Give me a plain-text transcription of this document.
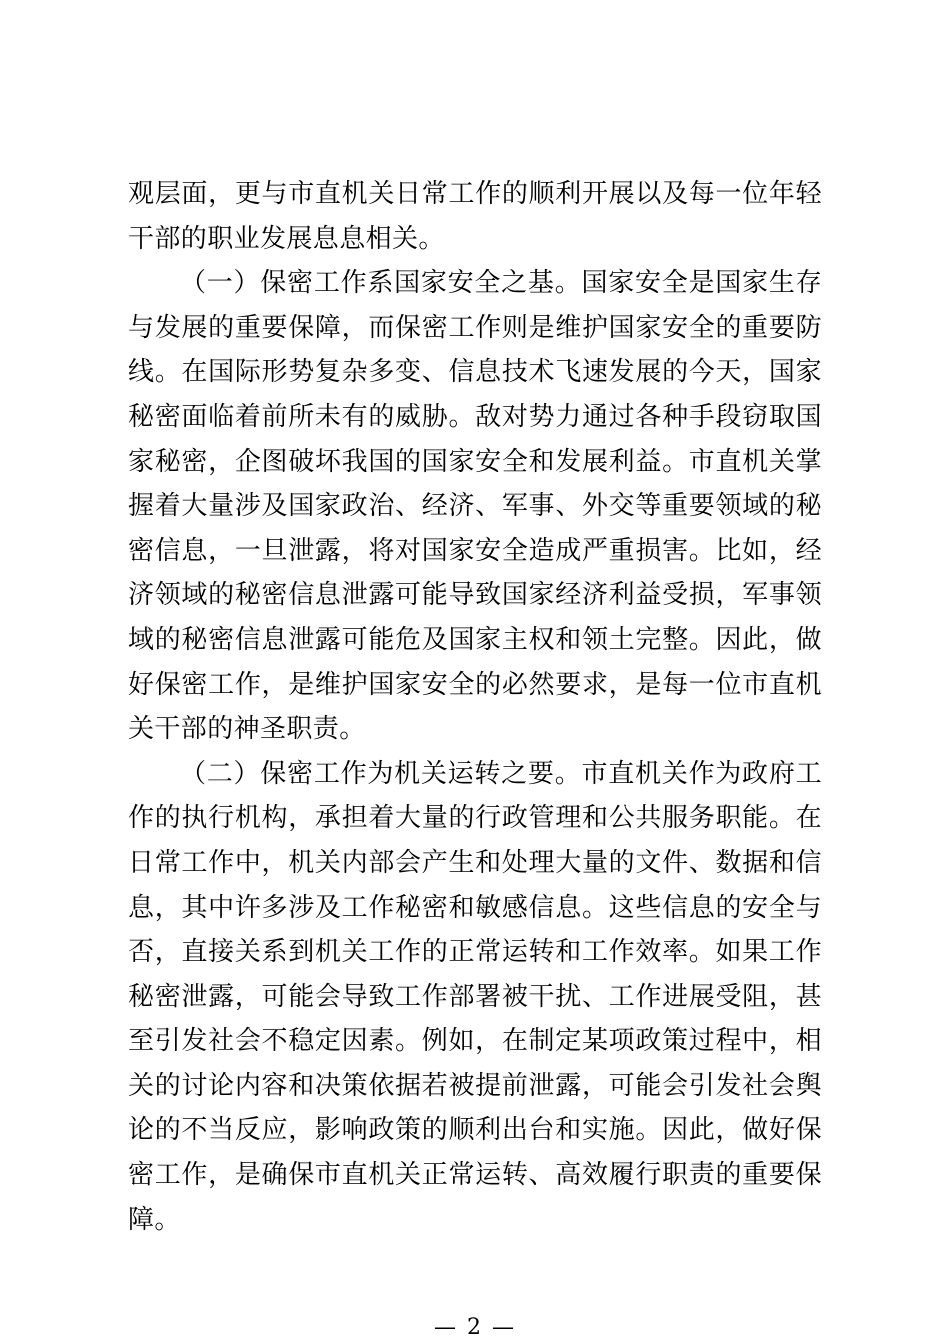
观层面，更与市直机关日常工作的顺利开展以及每一位年轻干部的职业发展息息相关。

（一）保密工作系国家安全之基。国家安全是国家生存与发展的重要保障，而保密工作则是维护国家安全的重要防线。在国际形势复杂多变、信息技术飞速发展的今天，国家秘密面临着前所未有的威胁。敌对势力通过各种手段窃取国家秘密，企图破坏我国的国家安全和发展利益。市直机关掌握着大量涉及国家政治、经济、军事、外交等重要领域的秘密信息，一旦泄露，将对国家安全造成严重损害。比如，经济领域的秘密信息泄露可能导致国家经济利益受损，军事领域的秘密信息泄露可能危及国家主权和领土完整。因此，做好保密工作，是维护国家安全的必然要求，是每一位市直机关干部的神圣职责。

（二）保密工作为机关运转之要。市直机关作为政府工作的执行机构，承担着大量的行政管理和公共服务职能。在日常工作中，机关内部会产生和处理大量的文件、数据和信息，其中许多涉及工作秘密和敏感信息。这些信息的安全与否，直接关系到机关工作的正常运转和工作效率。如果工作秘密泄露，可能会导致工作部署被干扰、工作进展受阻，甚至引发社会不稳定因素。例如，在制定某项政策过程中，相关的讨论内容和决策依据若被提前泄露，可能会引发社会舆论的不当反应，影响政策的顺利出台和实施。因此，做好保密工作，是确保市直机关正常运转、高效履行职责的重要保障。

— 2 —
